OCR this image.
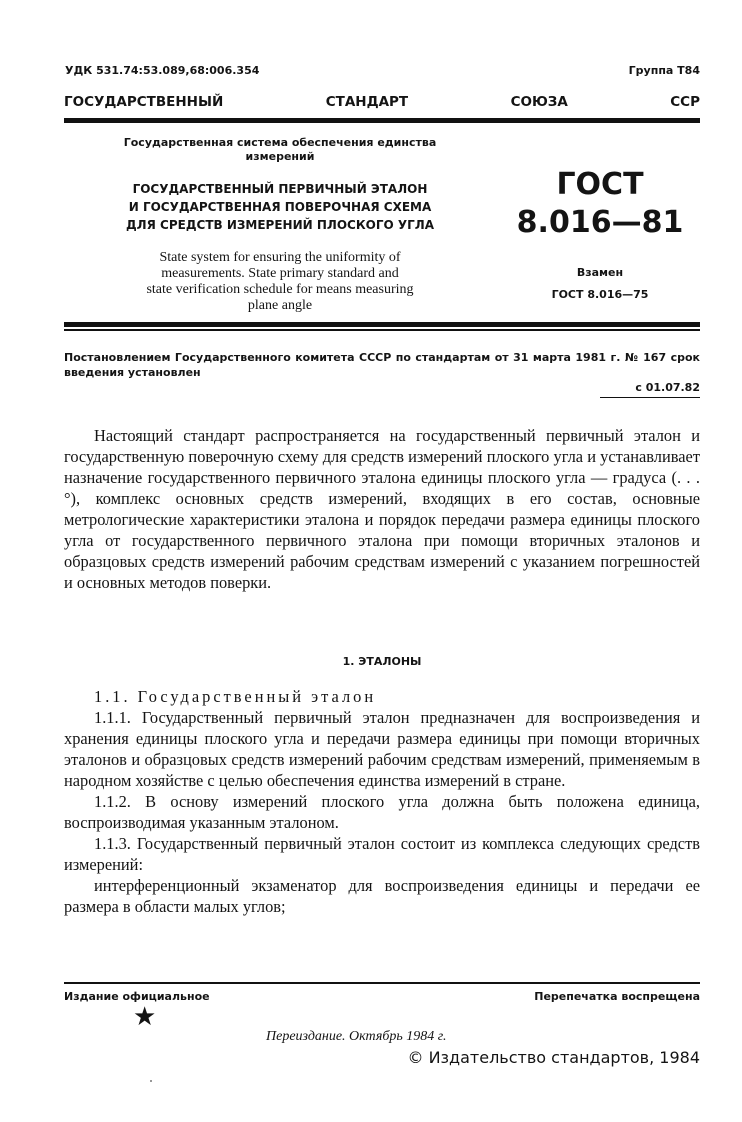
УДК 531.74:53.089,68:006.354	Группа Т84
ГОСУДАРСТВЕННЫЙ	СТАНДАРТ	СОЮЗА	ССР
Государственная система обеспечения единства
измерений
ГОСУДАРСТВЕННЫЙ ПЕРВИЧНЫЙ ЭТАЛОН
И ГОСУДАРСТВЕННАЯ ПОВЕРОЧНАЯ СХЕМА
ДЛЯ СРЕДСТВ ИЗМЕРЕНИЙ ПЛОСКОГО УГЛА
State system for ensuring the uniformity of
measurements. State primary standard and
state verification schedule for means measuring
plane angle
ГОСТ
8.016—81
Взамен
ГОСТ 8.016—75
Постановлением Государственного комитета СССР по стандартам от 31 марта 1981 г. № 167 срок введения установлен
с 01.07.82

Настоящий стандарт распространяется на государственный первичный эталон и государственную поверочную схему для средств измерений плоского угла и устанавливает назначение государственного первичного эталона единицы плоского угла — градуса (. . .°), комплекс основных средств измерений, входящих в его состав, основные метрологические характеристики эталона и порядок передачи размера единицы плоского угла от государственного первичного эталона при помощи вторичных эталонов и образцовых средств измерений рабочим средствам измерений с указанием погрешностей и основных методов поверки.

1. ЭТАЛОНЫ

1.1. Государственный эталон

1.1.1. Государственный первичный эталон предназначен для воспроизведения и хранения единицы плоского угла и передачи размера единицы при помощи вторичных эталонов и образцовых средств измерений рабочим средствам измерений, применяемым в народном хозяйстве с целью обеспечения единства измерений в стране.

1.1.2. В основу измерений плоского угла должна быть положена единица, воспроизводимая указанным эталоном.

1.1.3. Государственный первичный эталон состоит из комплекса следующих средств измерений:

интерференционный экзаменатор для воспроизведения единицы и передачи ее размера в области малых углов;

Издание официальное	Перепечатка воспрещена
★
Переиздание. Октябрь 1984 г.
© Издательство стандартов, 1984
